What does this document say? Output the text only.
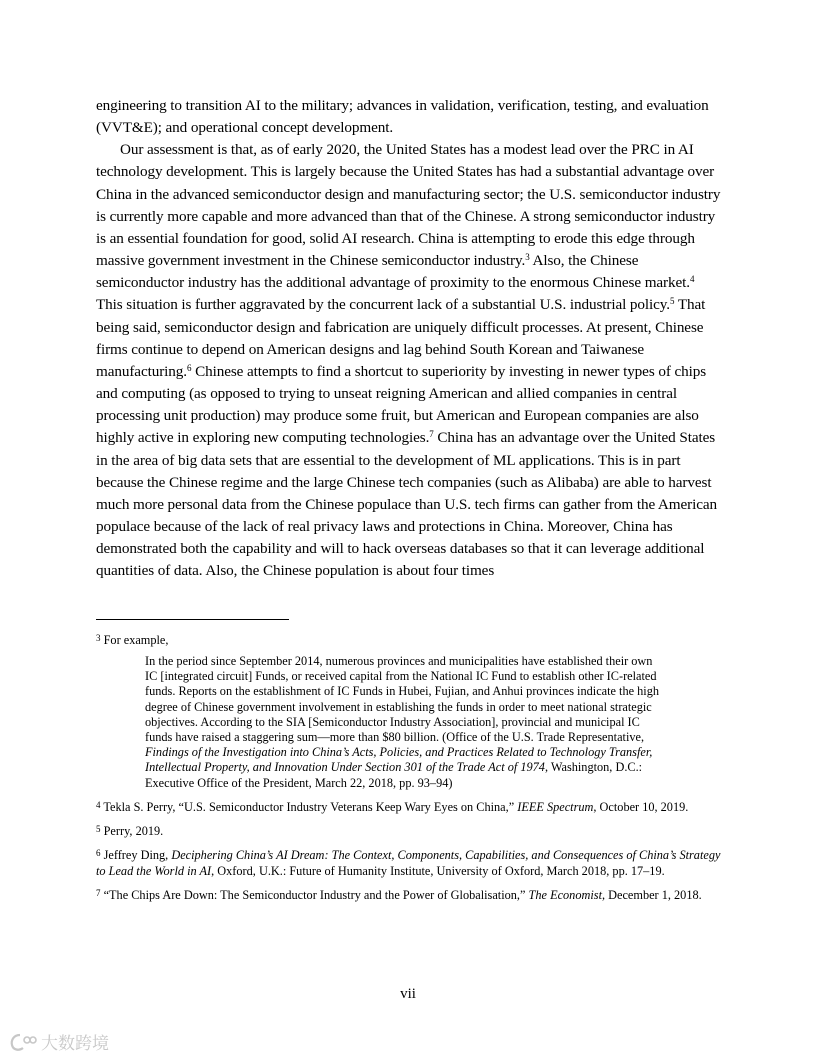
engineering to transition AI to the military; advances in validation, verification, testing, and evaluation (VVT&E); and operational concept development.

Our assessment is that, as of early 2020, the United States has a modest lead over the PRC in AI technology development. This is largely because the United States has had a substantial advantage over China in the advanced semiconductor design and manufacturing sector; the U.S. semiconductor industry is currently more capable and more advanced than that of the Chinese. A strong semiconductor industry is an essential foundation for good, solid AI research. China is attempting to erode this edge through massive government investment in the Chinese semiconductor industry.$^3$ Also, the Chinese semiconductor industry has the additional advantage of proximity to the enormous Chinese market.$^4$ This situation is further aggravated by the concurrent lack of a substantial U.S. industrial policy.$^5$ That being said, semiconductor design and fabrication are uniquely difficult processes. At present, Chinese firms continue to depend on American designs and lag behind South Korean and Taiwanese manufacturing.$^6$ Chinese attempts to find a shortcut to superiority by investing in newer types of chips and computing (as opposed to trying to unseat reigning American and allied companies in central processing unit production) may produce some fruit, but American and European companies are also highly active in exploring new computing technologies.$^7$ China has an advantage over the United States in the area of big data sets that are essential to the development of ML applications. This is in part because the Chinese regime and the large Chinese tech companies (such as Alibaba) are able to harvest much more personal data from the Chinese populace than U.S. tech firms can gather from the American populace because of the lack of real privacy laws and protections in China. Moreover, China has demonstrated both the capability and will to hack overseas databases so that it can leverage additional quantities of data. Also, the Chinese population is about four times

$^3$ For example,
In the period since September 2014, numerous provinces and municipalities have established their own IC [integrated circuit] Funds, or received capital from the National IC Fund to establish other IC-related funds. Reports on the establishment of IC Funds in Hubei, Fujian, and Anhui provinces indicate the high degree of Chinese government involvement in establishing the funds in order to meet national strategic objectives. According to the SIA [Semiconductor Industry Association], provincial and municipal IC funds have raised a staggering sum—more than $80 billion. (Office of the U.S. Trade Representative, Findings of the Investigation into China’s Acts, Policies, and Practices Related to Technology Transfer, Intellectual Property, and Innovation Under Section 301 of the Trade Act of 1974, Washington, D.C.: Executive Office of the President, March 22, 2018, pp. 93–94)
$^4$ Tekla S. Perry, “U.S. Semiconductor Industry Veterans Keep Wary Eyes on China,” IEEE Spectrum, October 10, 2019.
$^5$ Perry, 2019.
$^6$ Jeffrey Ding, Deciphering China’s AI Dream: The Context, Components, Capabilities, and Consequences of China’s Strategy to Lead the World in AI, Oxford, U.K.: Future of Humanity Institute, University of Oxford, March 2018, pp. 17–19.
$^7$ “The Chips Are Down: The Semiconductor Industry and the Power of Globalisation,” The Economist, December 1, 2018.
vii
大数跨境
